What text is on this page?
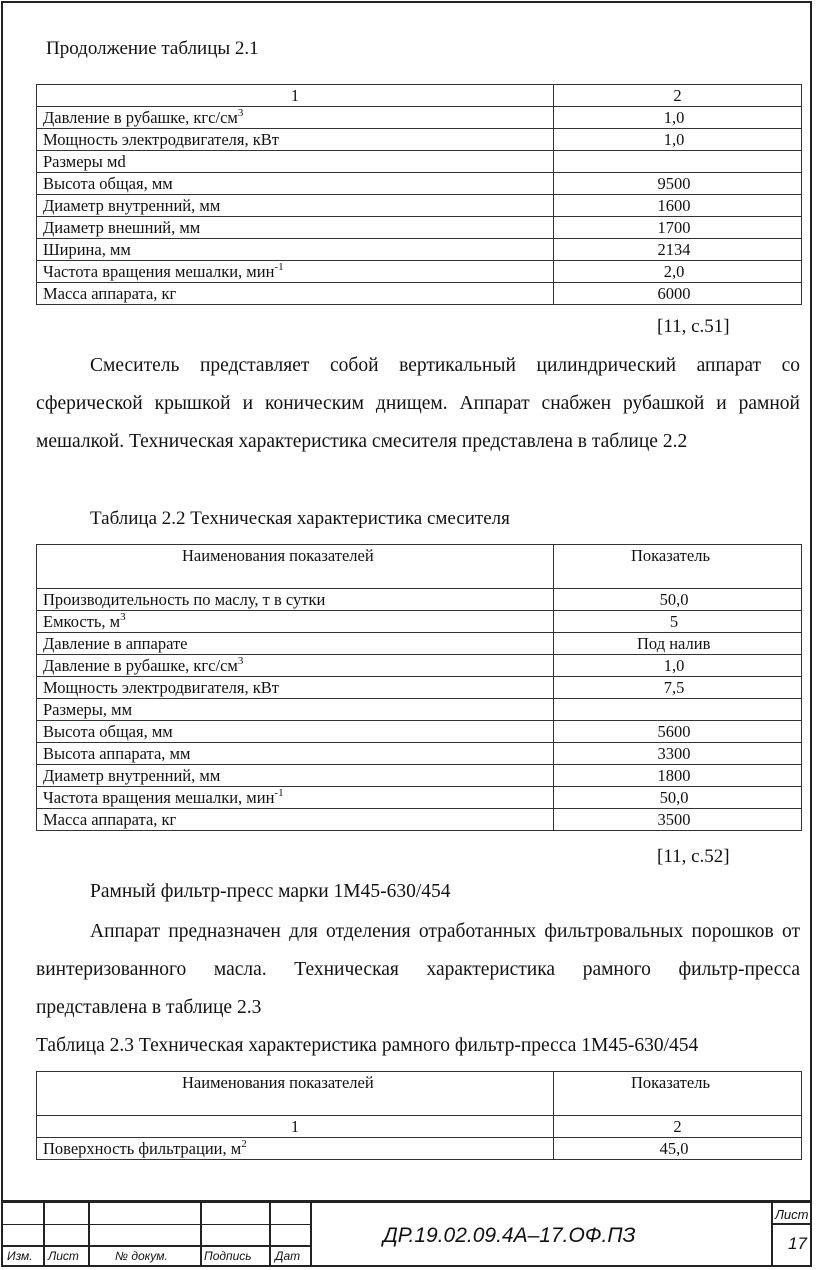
Продолжение таблицы 2.1
1	2
Давление в рубашке, кгс/$см^3$	1,0
Мощность электродвигателя, кВт	1,0
Размеры мd	
Высота общая, мм	9500
Диаметр внутренний, мм	1600
Диаметр внешний, мм	1700
Ширина, мм	2134
Частота вращения мешалки, мин$^{-1}$	2,0
Масса аппарата, кг	6000
[11, с.51]

Смеситель представляет собой вертикальный цилиндрический аппарат со сферической крышкой и коническим днищем. Аппарат снабжен рубашкой и рамной мешалкой. Техническая характеристика смесителя представлена в таблице 2.2

Таблица 2.2 Техническая характеристика смесителя
Наименования показателей	Показатель
Производительность по маслу, т в сутки	50,0
Емкость, $м^3$	5
Давление в аппарате	Под налив
Давление в рубашке, кгс/$см^3$	1,0
Мощность электродвигателя, кВт	7,5
Размеры, мм	
Высота общая, мм	5600
Высота аппарата, мм	3300
Диаметр внутренний, мм	1800
Частота вращения мешалки, мин$^{-1}$	50,0
Масса аппарата, кг	3500
[11, с.52]
Рамный фильтр-пресс марки 1М45-630/454

Аппарат предназначен для отделения отработанных фильтровальных порошков от винтеризованного масла. Техническая характеристика рамного фильтр-пресса представлена в таблице 2.3

Таблица 2.3 Техническая характеристика рамного фильтр-пресса 1М45-630/454
Наименования показателей	Показатель
1	2
Поверхность фильтрации, $м^2$	45,0
Изм. Лист	№ докум.	Подпись Дат
ДР.19.02.09.4А–17.ОФ.ПЗ
Лист
17
